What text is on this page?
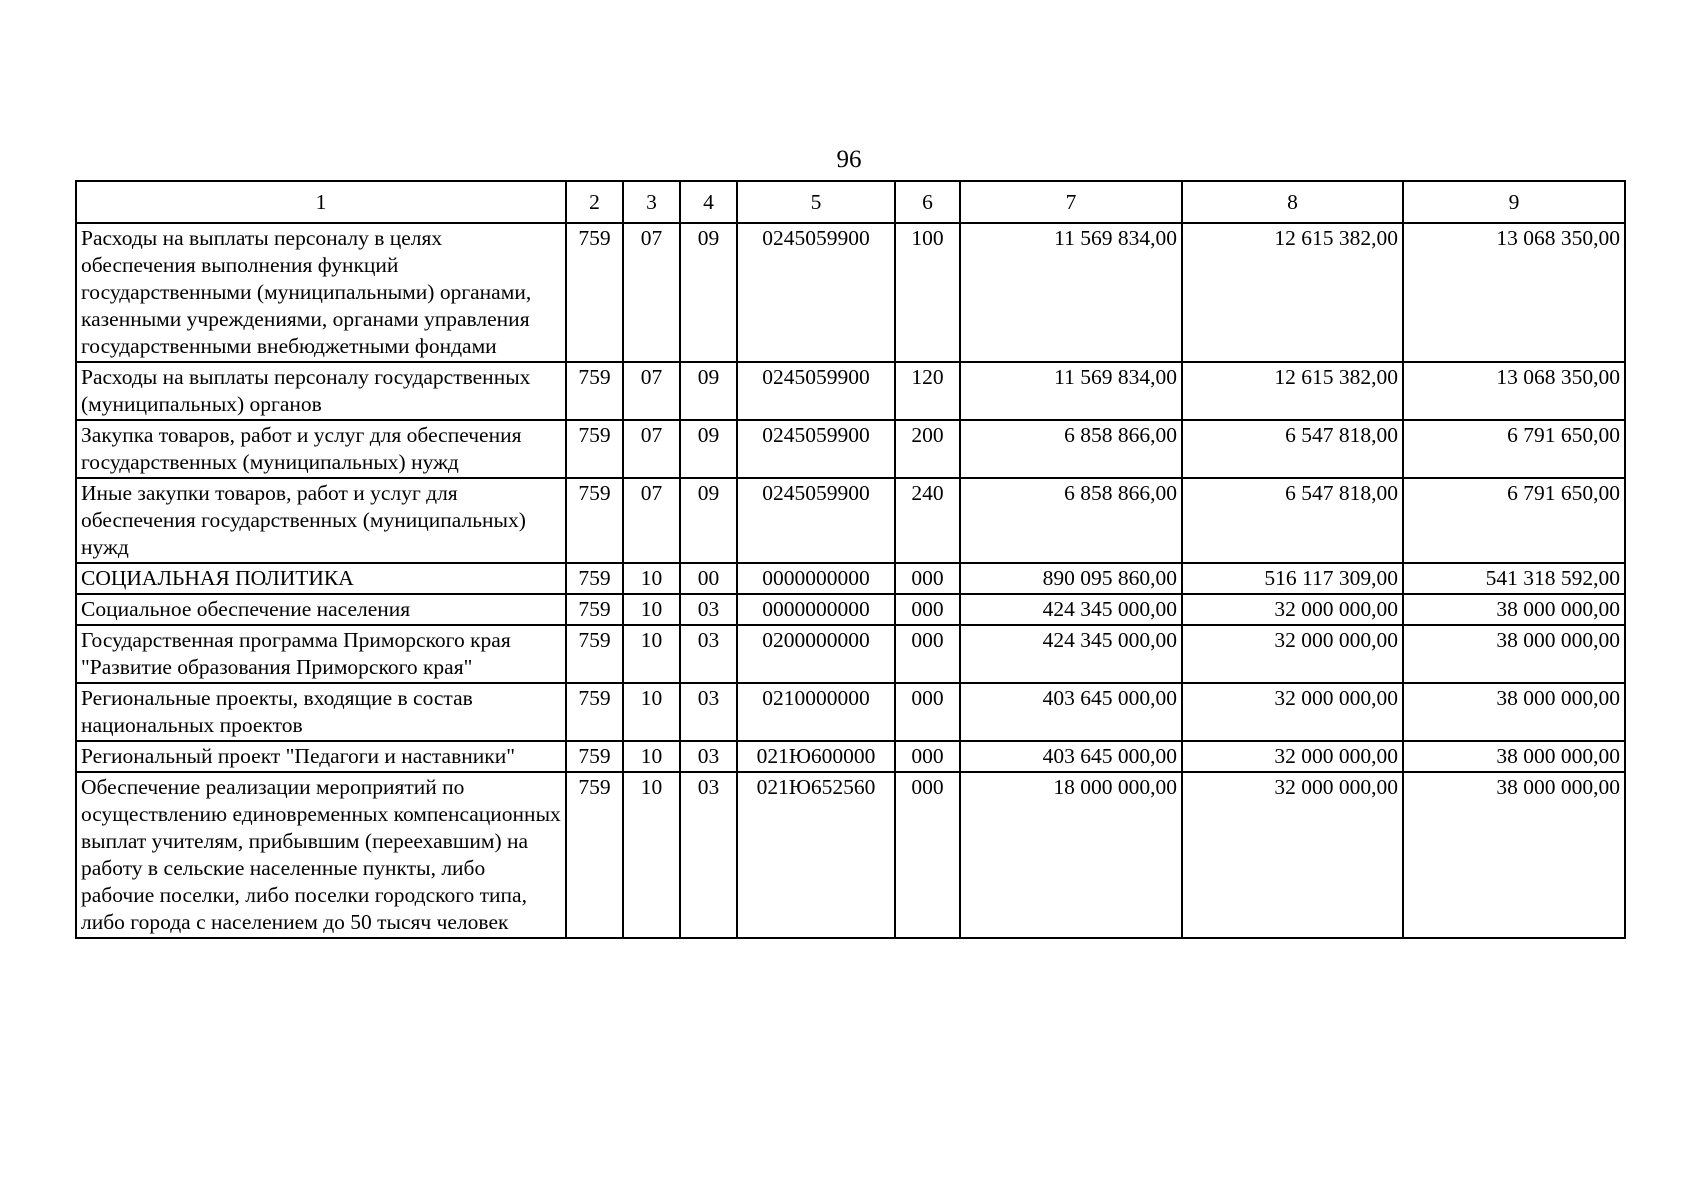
96
1	2	3	4	5	6	7	8	9
Расходы на выплаты персоналу в целях обеспечения выполнения функций государственными (муниципальными) органами, казенными учреждениями, органами управления государственными внебюджетными фондами	759	07	09	0245059900	100	11 569 834,00	12 615 382,00	13 068 350,00
Расходы на выплаты персоналу государственных (муниципальных) органов	759	07	09	0245059900	120	11 569 834,00	12 615 382,00	13 068 350,00
Закупка товаров, работ и услуг для обеспечения государственных (муниципальных) нужд	759	07	09	0245059900	200	6 858 866,00	6 547 818,00	6 791 650,00
Иные закупки товаров, работ и услуг для обеспечения государственных (муниципальных) нужд	759	07	09	0245059900	240	6 858 866,00	6 547 818,00	6 791 650,00
СОЦИАЛЬНАЯ ПОЛИТИКА	759	10	00	0000000000	000	890 095 860,00	516 117 309,00	541 318 592,00
Социальное обеспечение населения	759	10	03	0000000000	000	424 345 000,00	32 000 000,00	38 000 000,00
Государственная программа Приморского края "Развитие образования Приморского края"	759	10	03	0200000000	000	424 345 000,00	32 000 000,00	38 000 000,00
Региональные проекты, входящие в состав национальных проектов	759	10	03	0210000000	000	403 645 000,00	32 000 000,00	38 000 000,00
Региональный проект "Педагоги и наставники"	759	10	03	021Ю600000	000	403 645 000,00	32 000 000,00	38 000 000,00
Обеспечение реализации мероприятий по осуществлению единовременных компенсационных выплат учителям, прибывшим (переехавшим) на работу в сельские населенные пункты, либо рабочие поселки, либо поселки городского типа, либо города с населением до 50 тысяч человек	759	10	03	021Ю652560	000	18 000 000,00	32 000 000,00	38 000 000,00
